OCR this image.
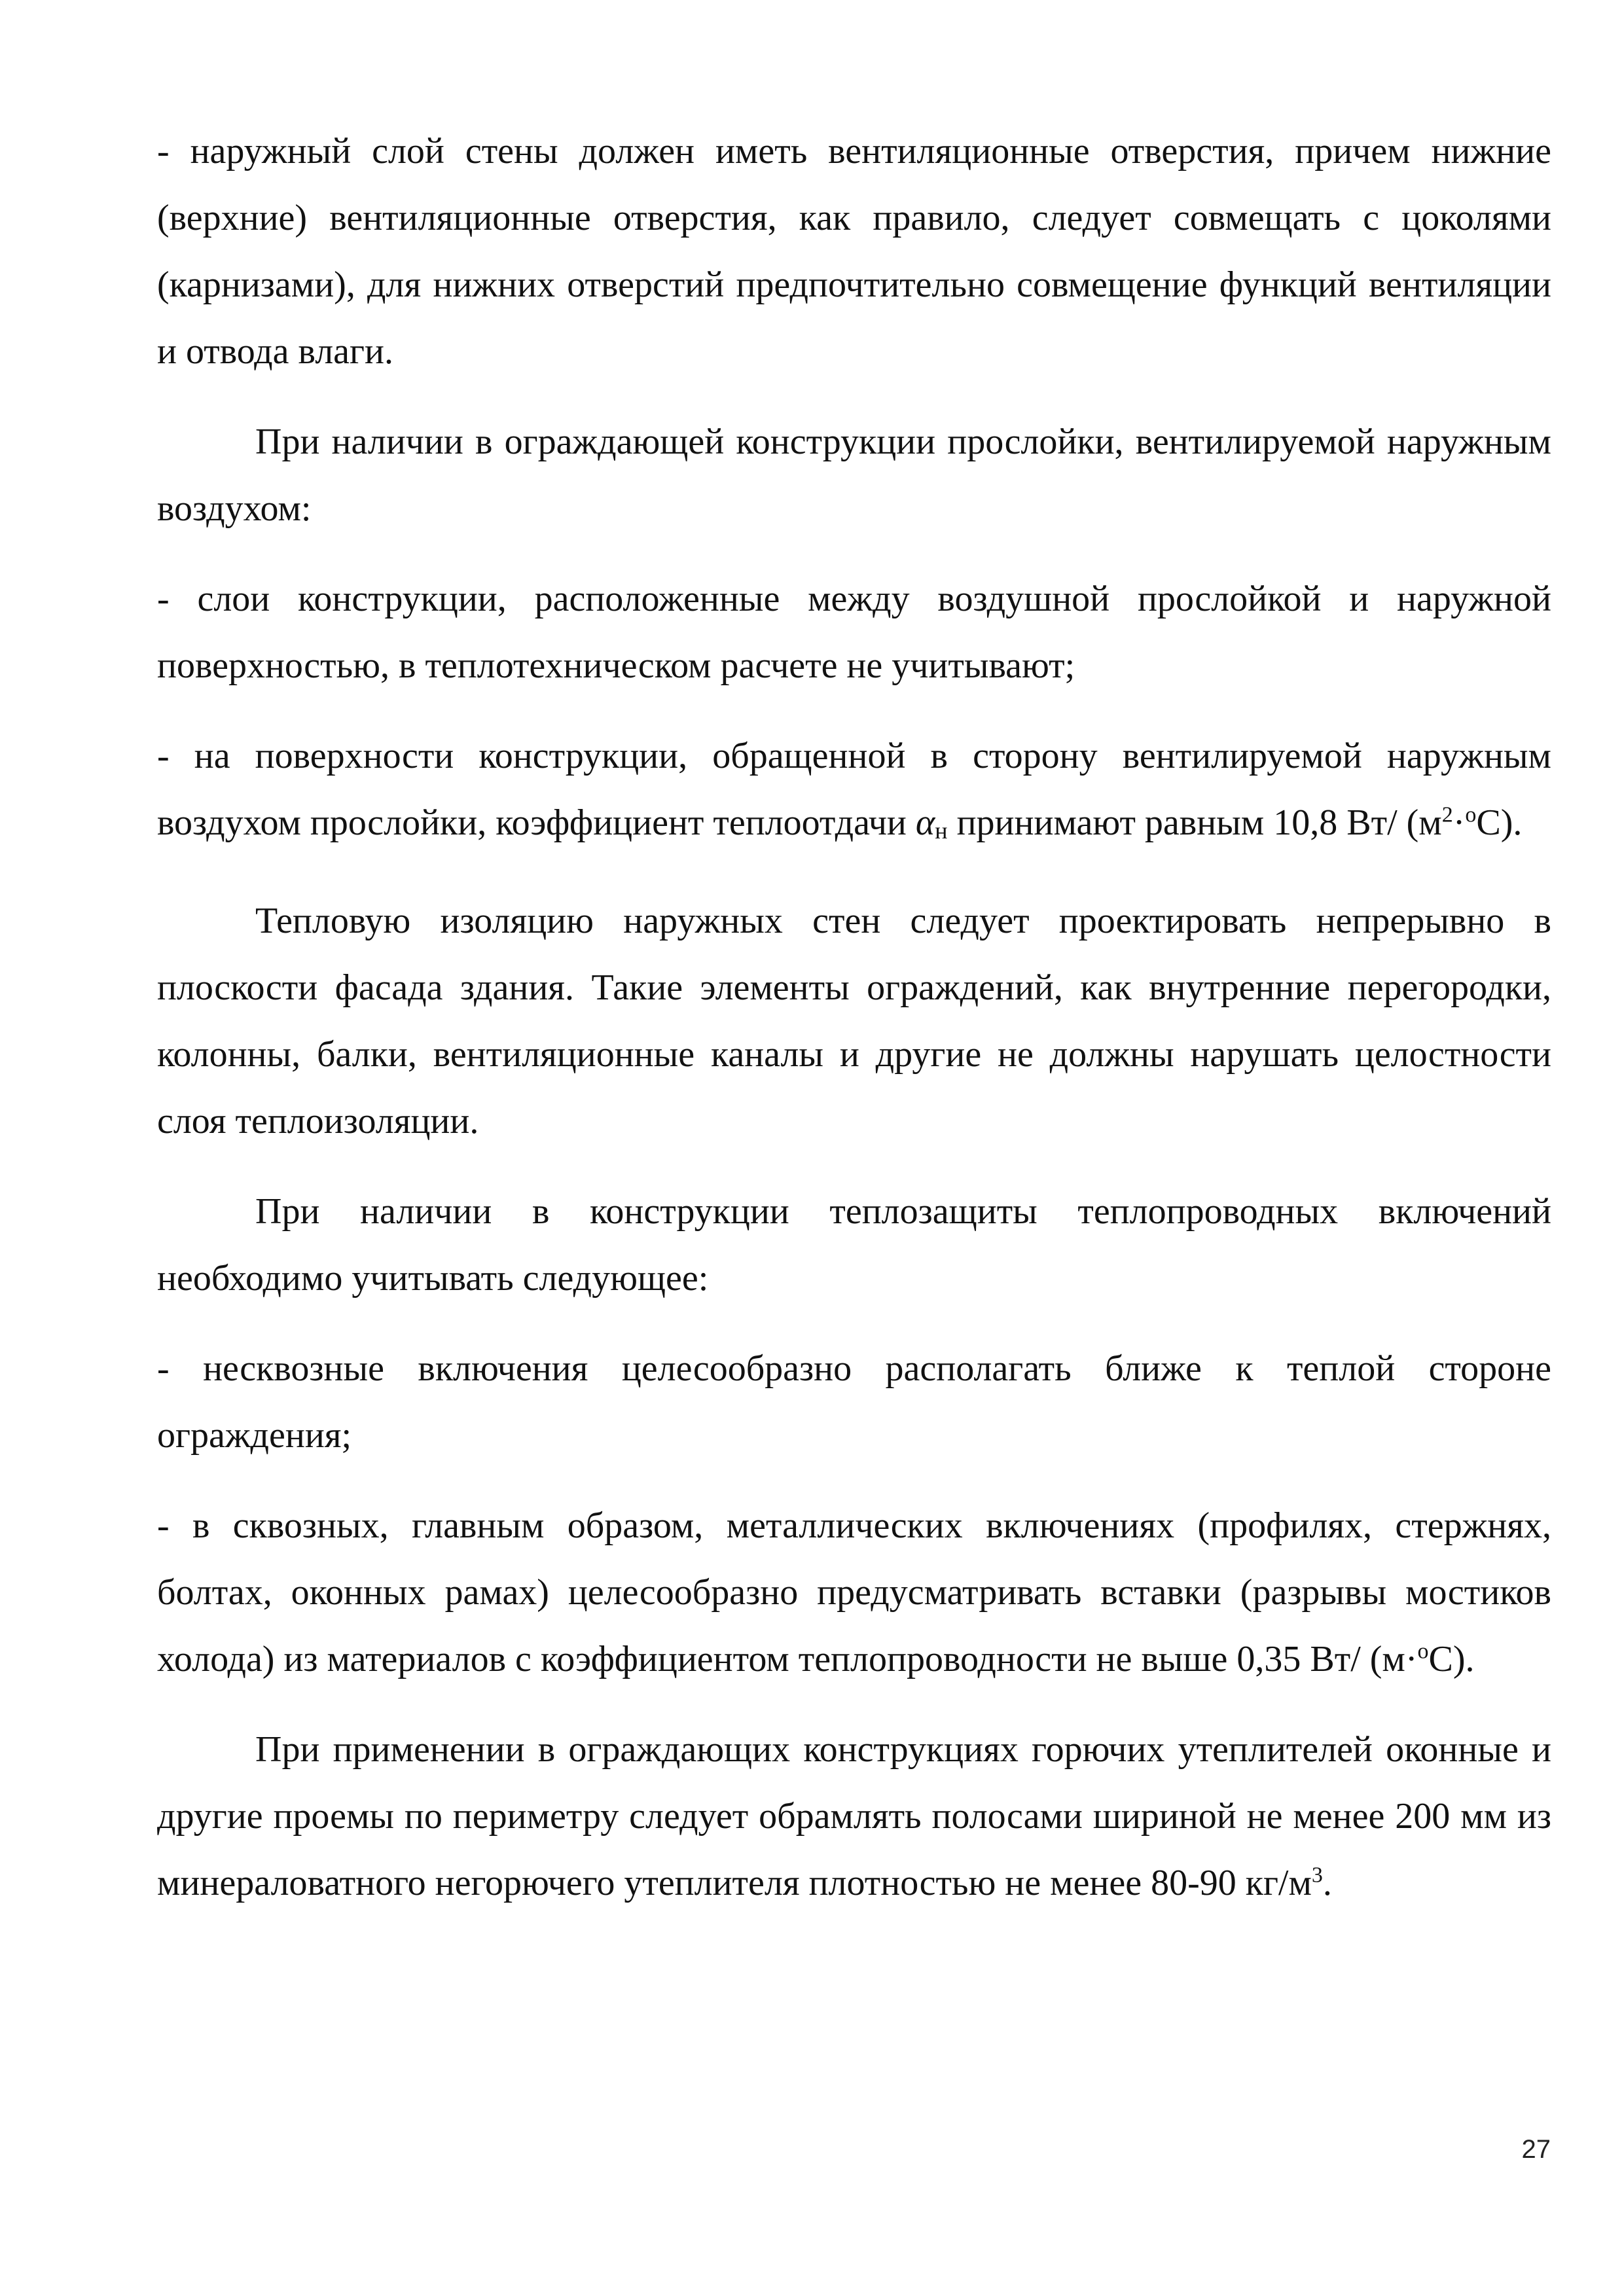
- наружный слой стены должен иметь вентиляционные отверстия, причем нижние (верхние) вентиляционные отверстия, как правило, следует совмещать с цоколями (карнизами), для нижних отверстий предпочтительно совмещение функций вентиляции и отвода влаги.

При наличии в ограждающей конструкции прослойки, вентилируемой наружным воздухом:

- слои конструкции, расположенные между воздушной прослойкой и наружной поверхностью, в теплотехническом расчете не учитывают;

- на поверхности конструкции, обращенной в сторону вентилируемой наружным воздухом прослойки, коэффициент теплоотдачи αн принимают равным 10,8 Вт/ $(м^2\cdot^оС)$.

Тепловую изоляцию наружных стен следует проектировать непрерывно в плоскости фасада здания. Такие элементы ограждений, как внутренние перегородки, колонны, балки, вентиляционные каналы и другие не должны нарушать целостности слоя теплоизоляции.

При наличии в конструкции теплозащиты теплопроводных включений необходимо учитывать следующее:

- несквозные включения целесообразно располагать ближе к теплой стороне ограждения;

- в сквозных, главным образом, металлических включениях (профилях, стержнях, болтах, оконных рамах) целесообразно предусматривать вставки (разрывы мостиков холода) из материалов с коэффициентом теплопроводности не выше 0,35 Вт/ (м·$^о$С).

При применении в ограждающих конструкциях горючих утеплителей оконные и другие проемы по периметру следует обрамлять полосами шириной не менее 200 мм из минераловатного негорючего утеплителя плотностью не менее 80-90 $кг/м^3$.

27
